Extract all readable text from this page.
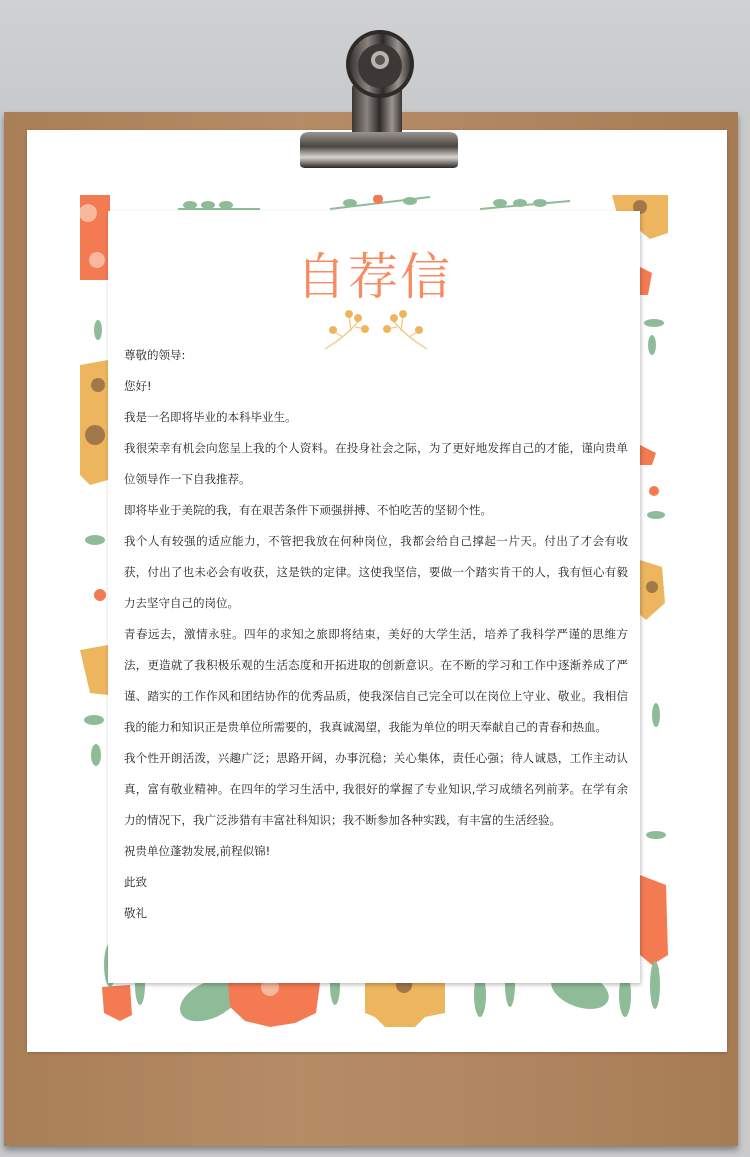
自荐信

尊敬的领导:

您好!

我是一名即将毕业的本科毕业生。

我很荣幸有机会向您呈上我的个人资料。在投身社会之际，为了更好地发挥自己的才能，谨向贵单位领导作一下自我推荐。

即将毕业于美院的我，有在艰苦条件下顽强拼搏、不怕吃苦的坚韧个性。

我个人有较强的适应能力，不管把我放在何种岗位，我都会给自己撑起一片天。付出了才会有收获，付出了也未必会有收获，这是铁的定律。这使我坚信，要做一个踏实肯干的人，我有恒心有毅力去坚守自己的岗位。

青春远去，激情永驻。四年的求知之旅即将结束，美好的大学生活，培养了我科学严谨的思维方法，更造就了我积极乐观的生活态度和开拓进取的创新意识。在不断的学习和工作中逐渐养成了严谨、踏实的工作作风和团结协作的优秀品质，使我深信自己完全可以在岗位上守业、敬业。我相信我的能力和知识正是贵单位所需要的，我真诚渴望，我能为单位的明天奉献自己的青春和热血。

我个性开朗活泼，兴趣广泛；思路开阔，办事沉稳；关心集体，责任心强；待人诚恳，工作主动认真，富有敬业精神。在四年的学习生活中, 我很好的掌握了专业知识,学习成绩名列前茅。在学有余力的情况下，我广泛涉猎有丰富社科知识；我不断参加各种实践，有丰富的生活经验。

祝贵单位蓬勃发展,前程似锦!

此致

敬礼
